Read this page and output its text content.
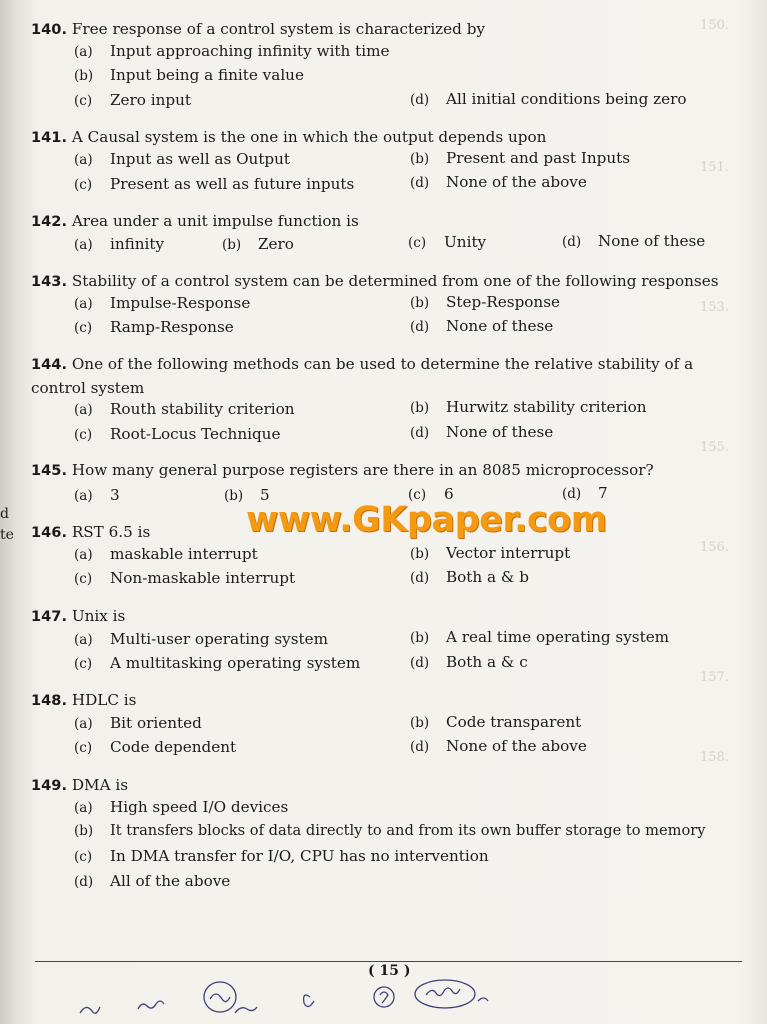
150.
151.
153.
155.
156.
157.
158.
d
te
140. Free response of a control system is characterized by
(a) Input approaching infinity with time
(b) Input being a finite value
(c) Zero input	(d) All initial conditions being zero
141. A Causal system is the one in which the output depends upon
(a) Input as well as Output	(b) Present and past Inputs
(c) Present as well as future inputs	(d) None of the above
142. Area under a unit impulse function is
(a) infinity	(b) Zero	(c) Unity	(d) None of these
143. Stability of a control system can be determined from one of the following responses
(a) Impulse-Response	(b) Step-Response
(c) Ramp-Response	(d) None of these
144. One of the following methods can be used to determine the relative stability of a control system
(a) Routh stability criterion	(b) Hurwitz stability criterion
(c) Root-Locus Technique	(d) None of these
145. How many general purpose registers are there in an 8085 microprocessor?
(a) 3	(b) 5	(c) 6	(d) 7
www.GKpaper.com
146. RST 6.5 is
(a) maskable interrupt	(b) Vector interrupt
(c) Non-maskable interrupt	(d) Both a & b
147. Unix is
(a) Multi-user operating system	(b) A real time operating system
(c) A multitasking operating system	(d) Both a & c
148. HDLC is
(a) Bit oriented	(b) Code transparent
(c) Code dependent	(d) None of the above
149. DMA is
(a) High speed I/O devices
(b) It transfers blocks of data directly to and from its own buffer storage to memory
(c) In DMA transfer for I/O, CPU has no intervention
(d) All of the above
( 15 )
